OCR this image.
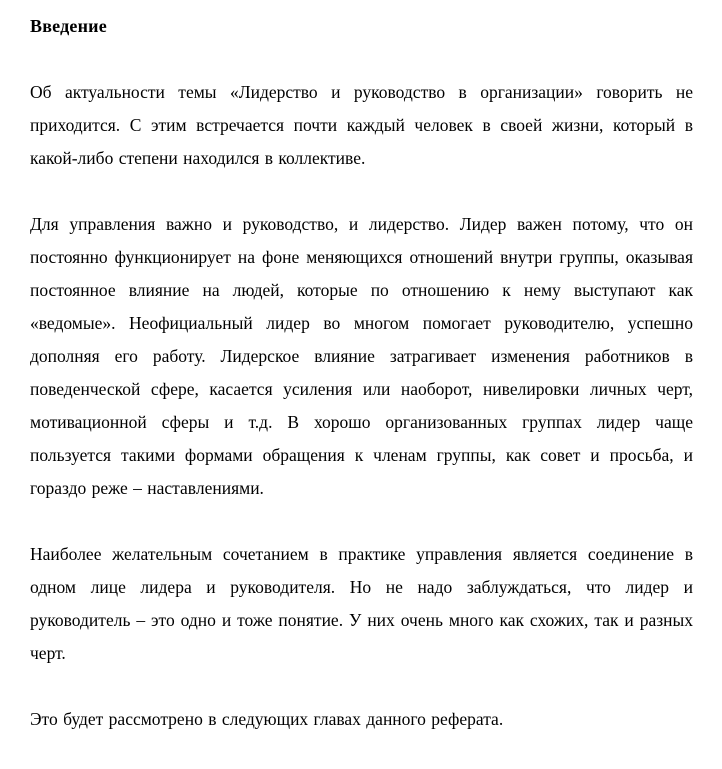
Введение

Об актуальности темы «Лидерство и руководство в организации» говорить не приходится. С этим встречается почти каждый человек в своей жизни, который в какой-либо степени находился в коллективе.

Для управления важно и руководство, и лидерство. Лидер важен потому, что он постоянно функционирует на фоне меняющихся отношений внутри группы, оказывая постоянное влияние на людей, которые по отношению к нему выступают как «ведомые». Неофициальный лидер во многом помогает руководителю, успешно дополняя его работу. Лидерское влияние затрагивает изменения работников в поведенческой сфере, касается усиления или наоборот, нивелировки личных черт, мотивационной сферы и т.д. В хорошо организованных группах лидер чаще пользуется такими формами обращения к членам группы, как совет и просьба, и гораздо реже – наставлениями.

Наиболее желательным сочетанием в практике управления является соединение в одном лице лидера и руководителя. Но не надо заблуждаться, что лидер и руководитель – это одно и тоже понятие. У них очень много как схожих, так и разных черт.

Это будет рассмотрено в следующих главах данного реферата.
